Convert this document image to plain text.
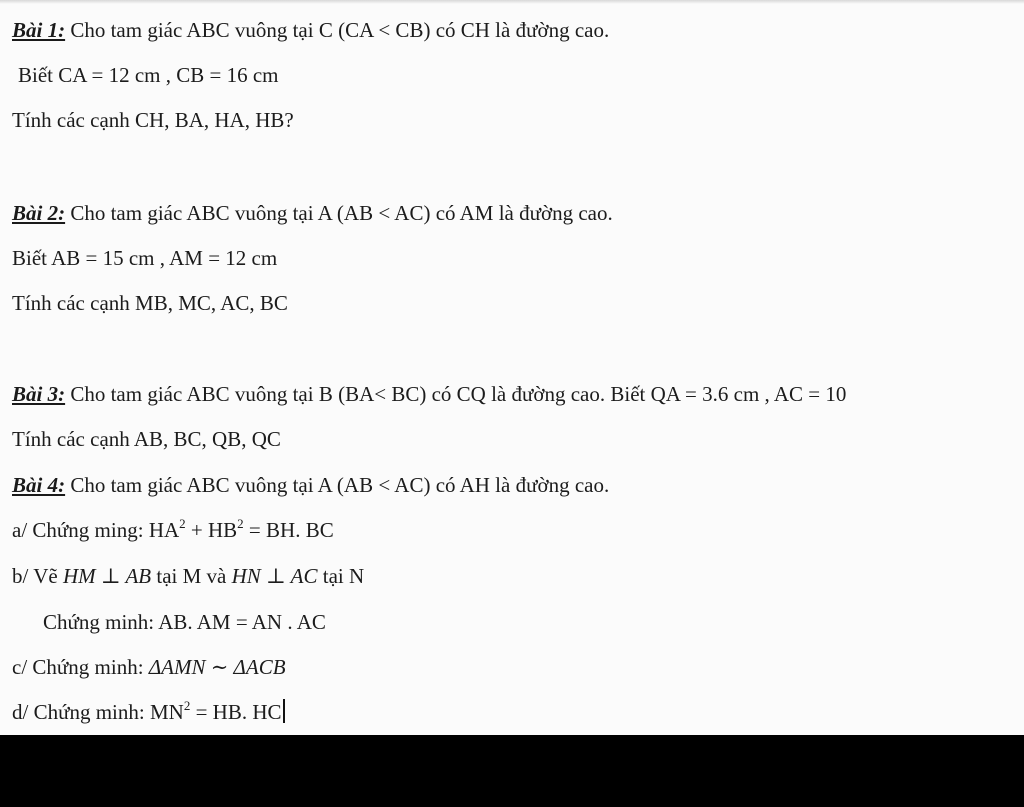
Bài 1: Cho tam giác ABC vuông tại C (CA < CB) có CH là đường cao.
Biết CA = 12 cm , CB = 16 cm
Tính các cạnh CH, BA, HA, HB?
Bài 2: Cho tam giác ABC vuông tại A (AB < AC) có AM là đường cao.
Biết AB = 15 cm , AM = 12 cm
Tính các cạnh MB, MC, AC, BC
Bài 3: Cho tam giác ABC vuông tại B (BA< BC) có CQ là đường cao. Biết QA = 3.6 cm , AC = 10
Tính các cạnh AB, BC, QB, QC
Bài 4: Cho tam giác ABC vuông tại A (AB < AC) có AH là đường cao.
a/ Chứng ming: $HA^2 + HB^2$ = BH. BC
b/ Vẽ HM ⊥ AB tại M và HN ⊥ AC tại N
Chứng minh: AB. AM = AN . AC
c/ Chứng minh: ΔAMN ∼ ΔACB
d/ Chứng minh: $MN^2$ = HB. HC
